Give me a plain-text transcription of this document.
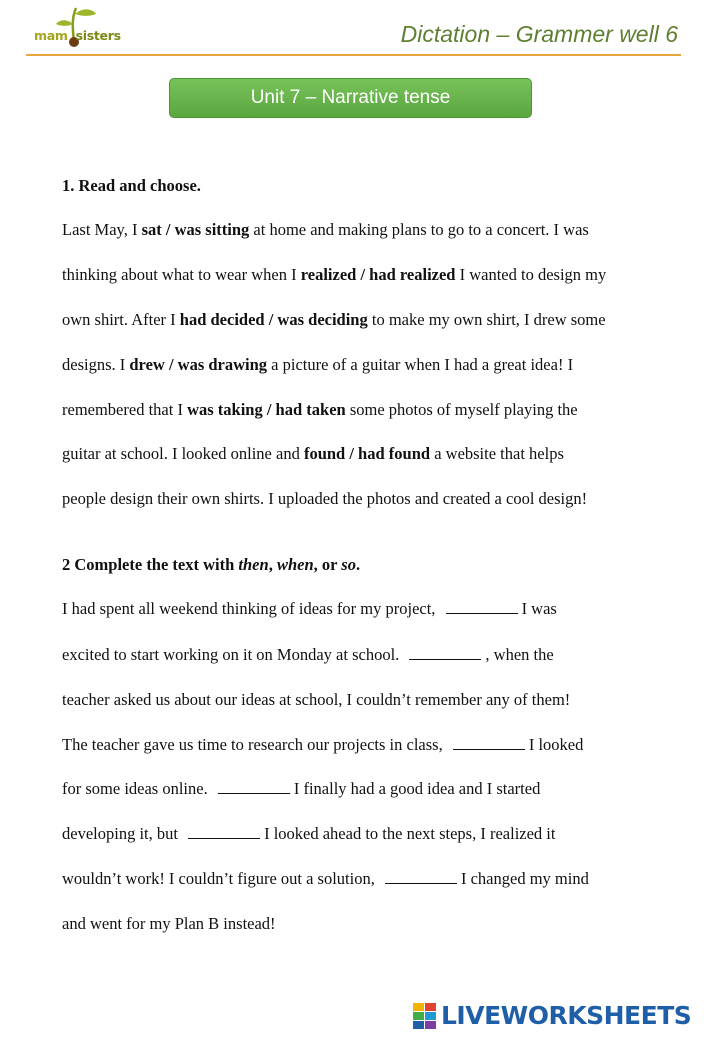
mam sisters	Dictation – Grammer well 6
Unit 7 – Narrative tense
1. Read and choose.
Last May, I sat / was sitting at home and making plans to go to a concert. I was
thinking about what to wear when I realized / had realized I wanted to design my
own shirt. After I had decided / was deciding to make my own shirt, I drew some
designs. I drew / was drawing a picture of a guitar when I had a great idea! I
remembered that I was taking / had taken some photos of myself playing the
guitar at school. I looked online and found / had found a website that helps
people design their own shirts. I uploaded the photos and created a cool design!
2 Complete the text with then, when, or so.
I had spent all weekend thinking of ideas for my project,	I was
excited to start working on it on Monday at school.	, when the
teacher asked us about our ideas at school, I couldn’t remember any of them!
The teacher gave us time to research our projects in class,	I looked
for some ideas online.	I finally had a good idea and I started
developing it, but	I looked ahead to the next steps, I realized it
wouldn’t work! I couldn’t figure out a solution,	I changed my mind
and went for my Plan B instead!
LIVEWORKSHEETS
